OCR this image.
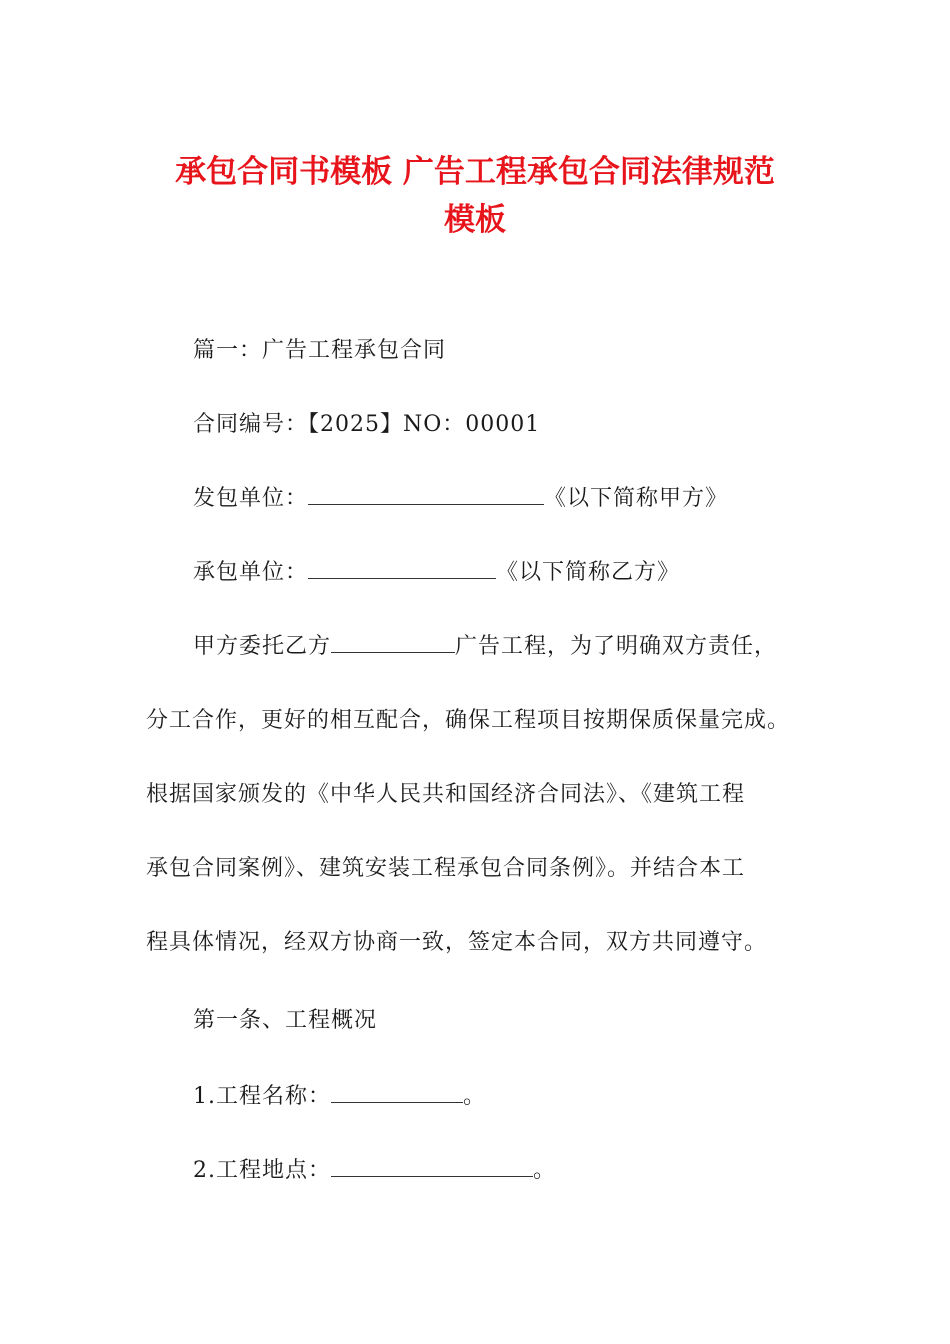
承包合同书模板 广告工程承包合同法律规范
模板

篇一：广告工程承包合同

合同编号：【2025】NO：00001

发包单位：	《以下简称甲方》

承包单位：	《以下简称乙方》

甲方委托乙方	广告工程，为了明确双方责任，

分工合作，更好的相互配合，确保工程项目按期保质保量完成。

根据国家颁发的《中华人民共和国经济合同法》、《建筑工程

承包合同案例》、建筑安装工程承包合同条例》。并结合本工

程具体情况，经双方协商一致，签定本合同，双方共同遵守。

第一条、工程概况

1.工程名称：	。

2.工程地点：	。
